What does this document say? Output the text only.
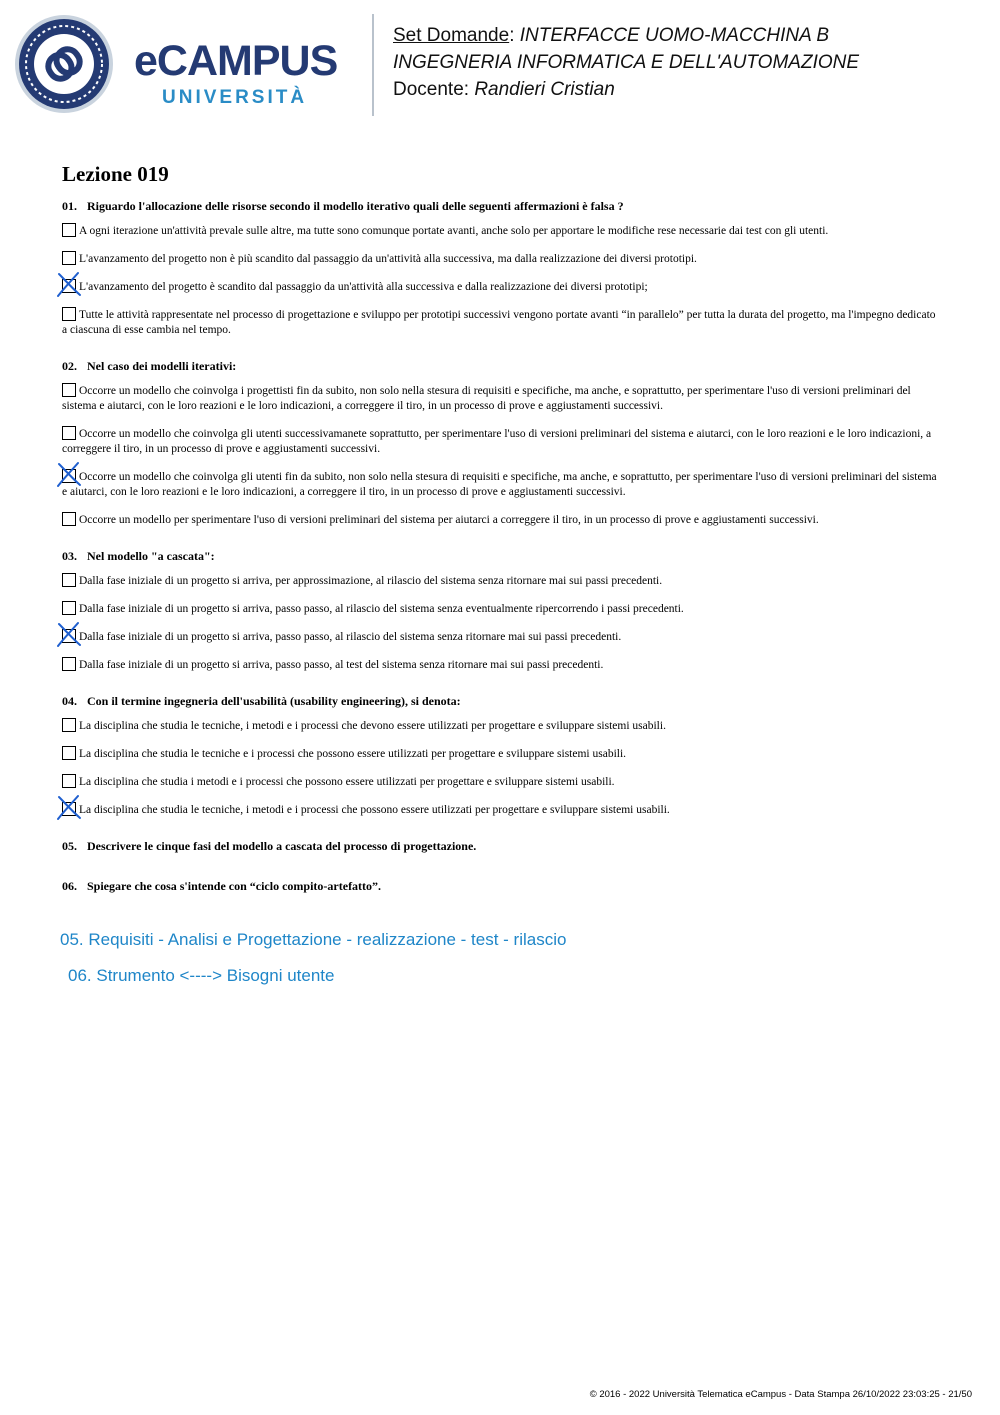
eCAMPUS
UNIVERSITÀ
Set Domande: INTERFACCE UOMO-MACCHINA B
INGEGNERIA INFORMATICA E DELL'AUTOMAZIONE
Docente: Randieri Cristian
Lezione 019
01. Riguardo l'allocazione delle risorse secondo il modello iterativo quali delle seguenti affermazioni è falsa ?
A ogni iterazione un'attività prevale sulle altre, ma tutte sono comunque portate avanti, anche solo per apportare le modifiche rese necessarie dai test con gli utenti.
L'avanzamento del progetto non è più scandito dal passaggio da un'attività alla successiva, ma dalla realizzazione dei diversi prototipi.
L'avanzamento del progetto è scandito dal passaggio da un'attività alla successiva e dalla realizzazione dei diversi prototipi;
Tutte le attività rappresentate nel processo di progettazione e sviluppo per prototipi successivi vengono portate avanti “in parallelo” per tutta la durata del progetto, ma l'impegno dedicato a ciascuna di esse cambia nel tempo.
02. Nel caso dei modelli iterativi:
Occorre un modello che coinvolga i progettisti fin da subito, non solo nella stesura di requisiti e specifiche, ma anche, e soprattutto, per sperimentare l'uso di versioni preliminari del sistema e aiutarci, con le loro reazioni e le loro indicazioni, a correggere il tiro, in un processo di prove e aggiustamenti successivi.
Occorre un modello che coinvolga gli utenti successivamanete soprattutto, per sperimentare l'uso di versioni preliminari del sistema e aiutarci, con le loro reazioni e le loro indicazioni, a correggere il tiro, in un processo di prove e aggiustamenti successivi.
Occorre un modello che coinvolga gli utenti fin da subito, non solo nella stesura di requisiti e specifiche, ma anche, e soprattutto, per sperimentare l'uso di versioni preliminari del sistema e aiutarci, con le loro reazioni e le loro indicazioni, a correggere il tiro, in un processo di prove e aggiustamenti successivi.
Occorre un modello per sperimentare l'uso di versioni preliminari del sistema per aiutarci a correggere il tiro, in un processo di prove e aggiustamenti successivi.
03. Nel modello "a cascata":
Dalla fase iniziale di un progetto si arriva, per approssimazione, al rilascio del sistema senza ritornare mai sui passi precedenti.
Dalla fase iniziale di un progetto si arriva, passo passo, al rilascio del sistema senza eventualmente ripercorrendo i passi precedenti.
Dalla fase iniziale di un progetto si arriva, passo passo, al rilascio del sistema senza ritornare mai sui passi precedenti.
Dalla fase iniziale di un progetto si arriva, passo passo, al test del sistema senza ritornare mai sui passi precedenti.
04. Con il termine ingegneria dell'usabilità (usability engineering), si denota:
La disciplina che studia le tecniche, i metodi e i processi che devono essere utilizzati per progettare e sviluppare sistemi usabili.
La disciplina che studia le tecniche e i processi che possono essere utilizzati per progettare e sviluppare sistemi usabili.
La disciplina che studia i metodi e i processi che possono essere utilizzati per progettare e sviluppare sistemi usabili.
La disciplina che studia le tecniche, i metodi e i processi che possono essere utilizzati per progettare e sviluppare sistemi usabili.
05. Descrivere le cinque fasi del modello a cascata del processo di progettazione.
06. Spiegare che cosa s'intende con “ciclo compito-artefatto”.
05. Requisiti - Analisi e Progettazione - realizzazione - test - rilascio
06. Strumento <----> Bisogni utente
© 2016 - 2022 Università Telematica eCampus - Data Stampa 26/10/2022 23:03:25 - 21/50
